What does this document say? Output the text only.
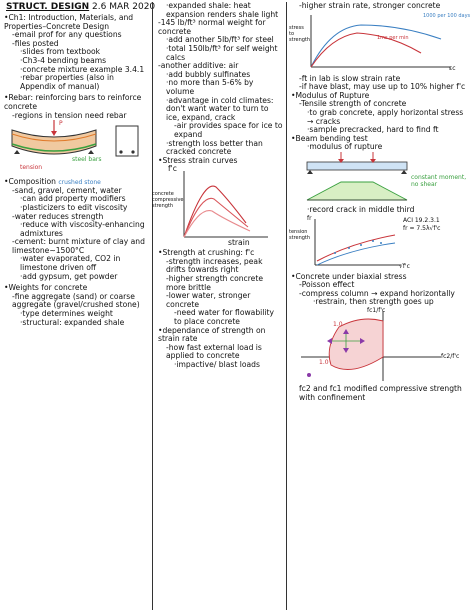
STRUCT. DESIGN 2.6 MAR 2020
•Ch1: Introduction, Materials, and Properties–Concrete Design
-email prof for any questions
-files posted
·slides from textbook
·Ch3-4 bending beams
·concrete mixture example 3.4.1
·rebar properties (also in Appendix of manual)
•Rebar: reinforcing bars to reinforce concrete
-regions in tension need rebar
P
steel bars
tension
•Composition crushed stone
-sand, gravel, cement, water
·can add property modifiers
·plasticizers to edit viscosity
-water reduces strength
·reduce with viscosity-enhancing admixtures
-cement: burnt mixture of clay and limestone~1500°C
·water evaporated, CO2 in limestone driven off
·add gypsum, get powder
•Weights for concrete
-fine aggregate (sand) or coarse aggregate (gravel/crushed stone)
·type determines weight
·structural: expanded shale
·expanded shale: heat expansion renders shale light
-145 lb/ft³ normal weight for concrete
·add another 5lb/ft³ for steel
·total 150lb/ft³ for self weight calcs
-another additive: air
·add bubbly sulfinates
·no more than 5-6% by volume
·advantage in cold climates: don't want water to turn to ice, expand, crack
-air provides space for ice to expand
·strength loss better than cracked concrete
•Stress strain curves
f'c
concrete compressive strength
strain
•Strength at crushing: f'c
-strength increases, peak drifts towards right
-higher strength concrete more brittle
-lower water, stronger concrete
-need water for flowability to place concrete
•dependance of strength on strain rate
-how fast external load is applied to concrete
·impactive/ blast loads
-higher strain rate, stronger concrete
stress to strength
1000 per 100 days
1ms per min
εc
-ft in lab is slow strain rate
-if have blast, may use up to 10% higher f'c
•Modulus of Rupture
-Tensile strength of concrete
·to grab concrete, apply horizontal stress → cracks
·sample precracked, hard to find ft
•Beam bending test
·modulus of rupture
constant moment, no shear
·record crack in middle third
tension strength
fr	ACI 19.2.3.1
fr = 7.5λ√f'c
√f'c
•Concrete under biaxial stress
-Poisson effect
-compress column → expand horizontally
·restrain, then strength goes up
fc1/f'c
fc2/f'c
1.0
1.0
fc2 and fc1 modified compressive strength with confinement
